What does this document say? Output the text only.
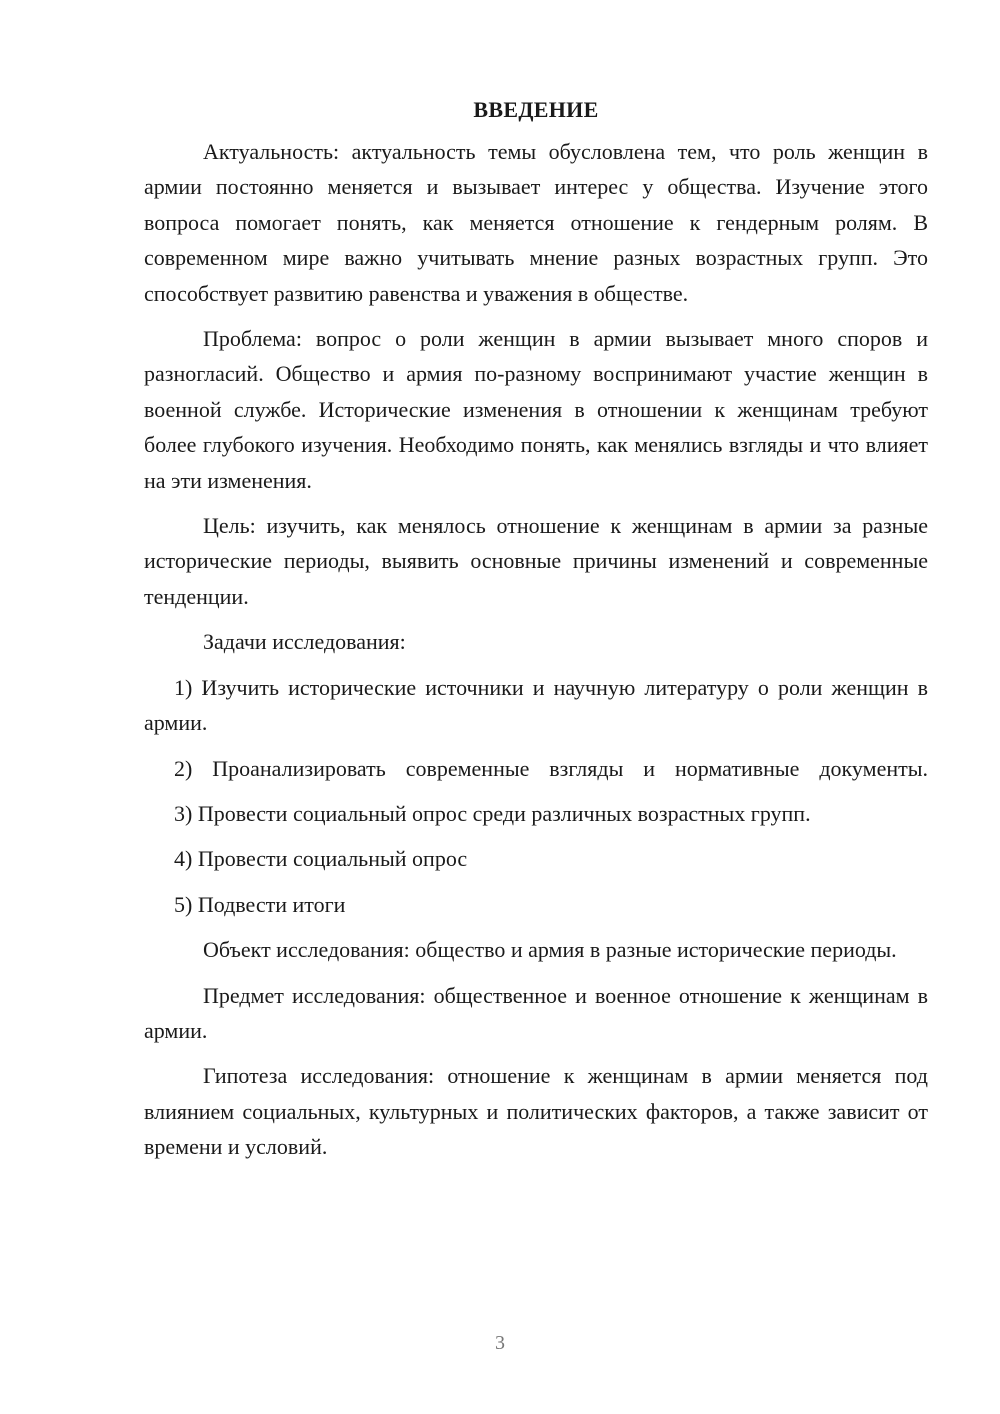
ВВЕДЕНИЕ

Актуальность: актуальность темы обусловлена тем, что роль женщин в армии постоянно меняется и вызывает интерес у общества. Изучение этого вопроса помогает понять, как меняется отношение к гендерным ролям. В современном мире важно учитывать мнение разных возрастных групп. Это способствует развитию равенства и уважения в обществе.

Проблема: вопрос о роли женщин в армии вызывает много споров и разногласий. Общество и армия по-разному воспринимают участие женщин в военной службе. Исторические изменения в отношении к женщинам требуют более глубокого изучения. Необходимо понять, как менялись взгляды и что влияет на эти изменения.

Цель: изучить, как менялось отношение к женщинам в армии за разные исторические периоды, выявить основные причины изменений и современные тенденции.

Задачи исследования:

1) Изучить исторические источники и научную литературу о роли женщин в армии.

2) Проанализировать современные взгляды и нормативные документы.

3) Провести социальный опрос среди различных возрастных групп.

4) Провести социальный опрос

5) Подвести итоги

Объект исследования: общество и армия в разные исторические периоды.

Предмет исследования: общественное и военное отношение к женщинам в армии.

Гипотеза исследования: отношение к женщинам в армии меняется под влиянием социальных, культурных и политических факторов, а также зависит от времени и условий.

3
